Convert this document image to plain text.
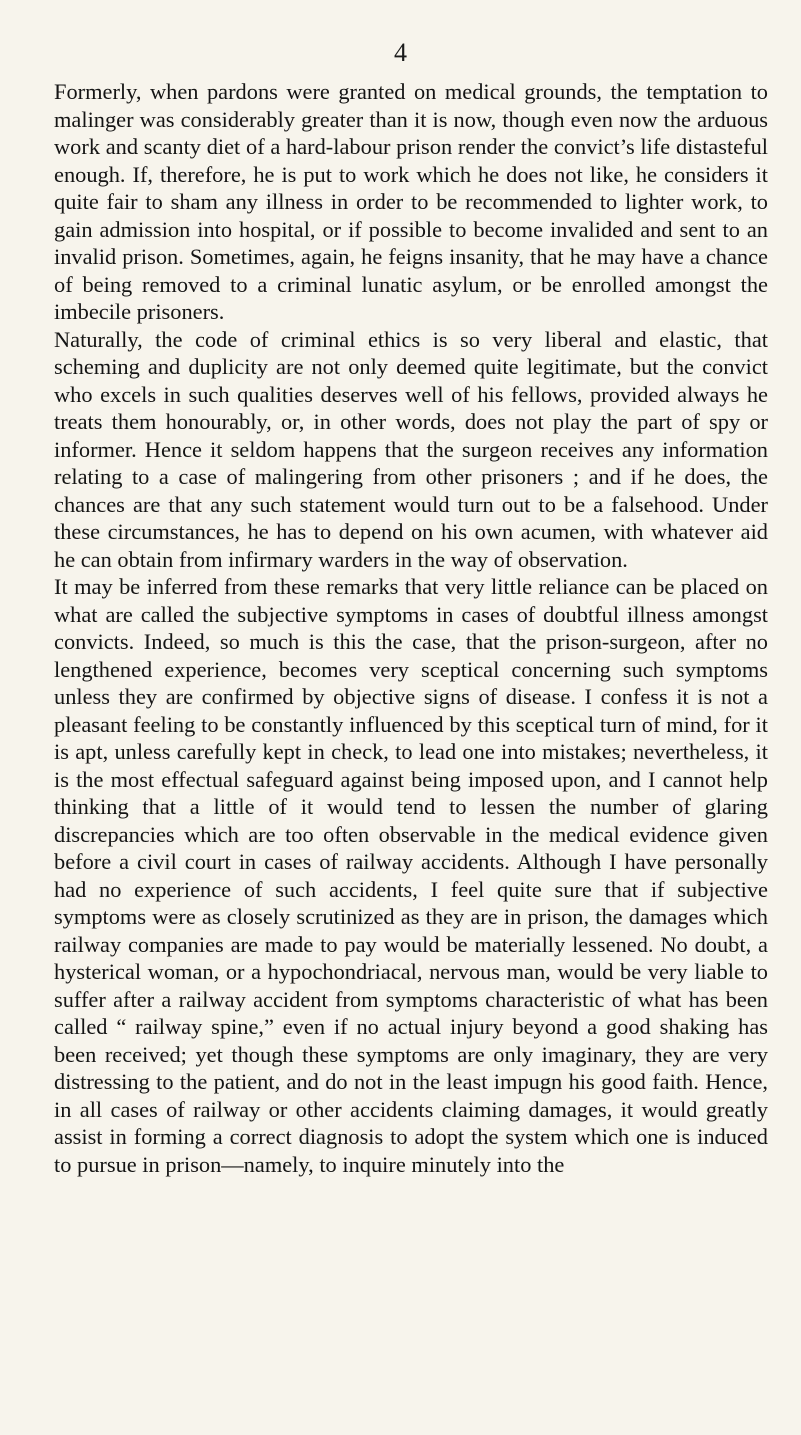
4

Formerly, when pardons were granted on medical grounds, the temptation to malinger was considerably greater than it is now, though even now the arduous work and scanty diet of a hard-labour prison render the convict’s life distasteful enough. If, therefore, he is put to work which he does not like, he considers it quite fair to sham any illness in order to be recommended to lighter work, to gain admission into hospital, or if possible to become invalided and sent to an invalid prison. Sometimes, again, he feigns insanity, that he may have a chance of being removed to a criminal lunatic asylum, or be enrolled amongst the imbecile prisoners.

Naturally, the code of criminal ethics is so very liberal and elastic, that scheming and duplicity are not only deemed quite legitimate, but the convict who excels in such qualities deserves well of his fellows, provided always he treats them honourably, or, in other words, does not play the part of spy or informer. Hence it seldom happens that the surgeon receives any information relating to a case of malingering from other prisoners ; and if he does, the chances are that any such statement would turn out to be a falsehood. Under these circumstances, he has to depend on his own acumen, with whatever aid he can obtain from infirmary warders in the way of observation.

It may be inferred from these remarks that very little reliance can be placed on what are called the subjective symptoms in cases of doubtful illness amongst convicts. Indeed, so much is this the case, that the prison-surgeon, after no lengthened experience, becomes very sceptical concerning such symptoms unless they are confirmed by objective signs of disease. I confess it is not a pleasant feeling to be constantly influenced by this sceptical turn of mind, for it is apt, unless carefully kept in check, to lead one into mistakes; nevertheless, it is the most effectual safeguard against being imposed upon, and I cannot help thinking that a little of it would tend to lessen the number of glaring discrepancies which are too often observable in the medical evidence given before a civil court in cases of railway accidents. Although I have personally had no experience of such accidents, I feel quite sure that if subjective symptoms were as closely scrutinized as they are in prison, the damages which railway companies are made to pay would be materially lessened. No doubt, a hysterical woman, or a hypochondriacal, nervous man, would be very liable to suffer after a railway accident from symptoms characteristic of what has been called “ railway spine,” even if no actual injury beyond a good shaking has been received; yet though these symptoms are only imaginary, they are very distressing to the patient, and do not in the least impugn his good faith. Hence, in all cases of railway or other accidents claiming damages, it would greatly assist in forming a correct diagnosis to adopt the system which one is induced to pursue in prison—namely, to inquire minutely into the
